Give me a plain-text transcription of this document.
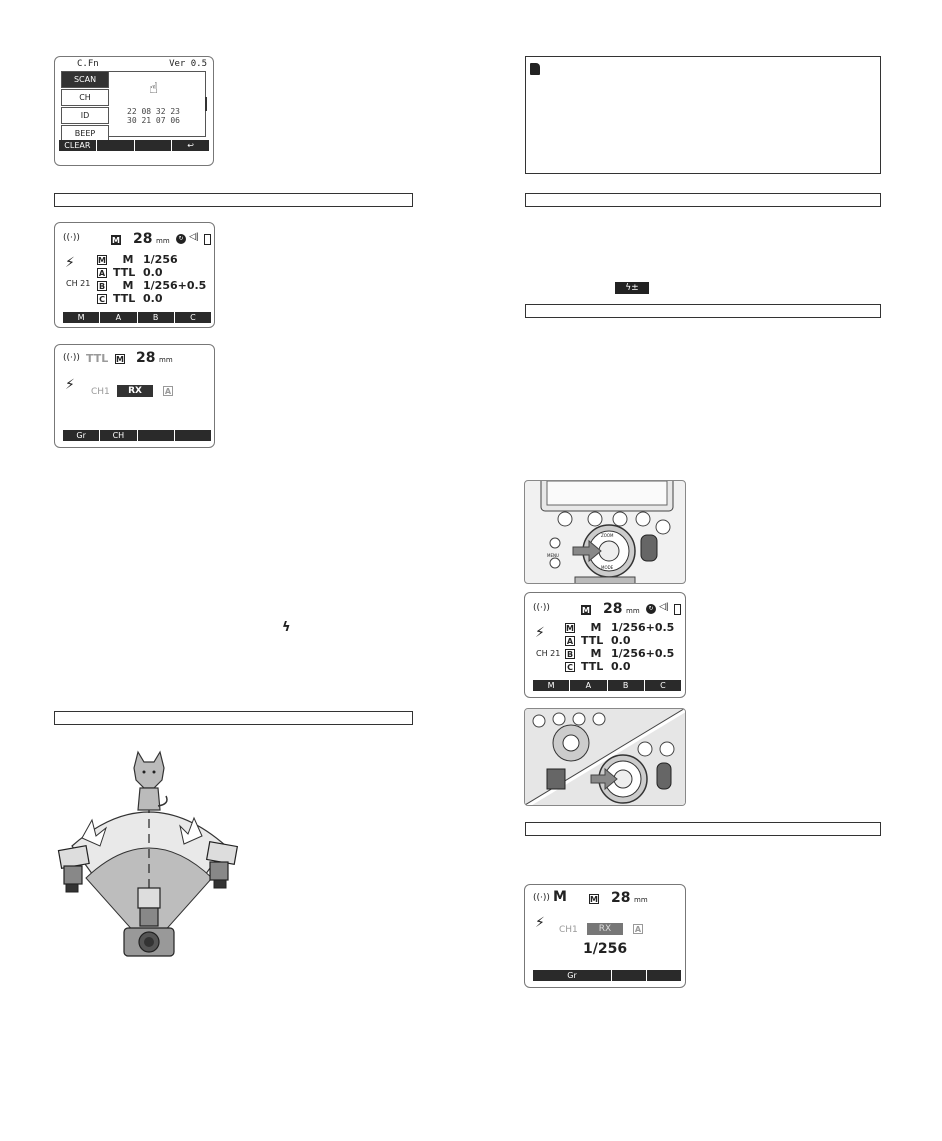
C.Fn	Ver 0.5
SCAN
CH
ID
BEEP
☝
22 08 32 23
30 21 07 06
CLEAR	↩
((·))	M 28 mm	↻ ◁ǀ
⚡︎
CH 21
M M 1/256
A TTL 0.0
B M 1/256+0.5
C TTL 0.0
M	A	B	C
((·)) TTL M 28 mm
⚡︎ CH1	RX	A
Gr	CH
ϟ
ϟ±
ZOOM
MODE
MENU
((·))	M 28 mm	↻ ◁ǀ
⚡︎
CH 21
M M 1/256+0.5
A TTL 0.0
B M 1/256+0.5
C TTL 0.0
M	A	B	C
((·)) M	M 28 mm
⚡︎ CH1	RX	A
1/256
Gr
